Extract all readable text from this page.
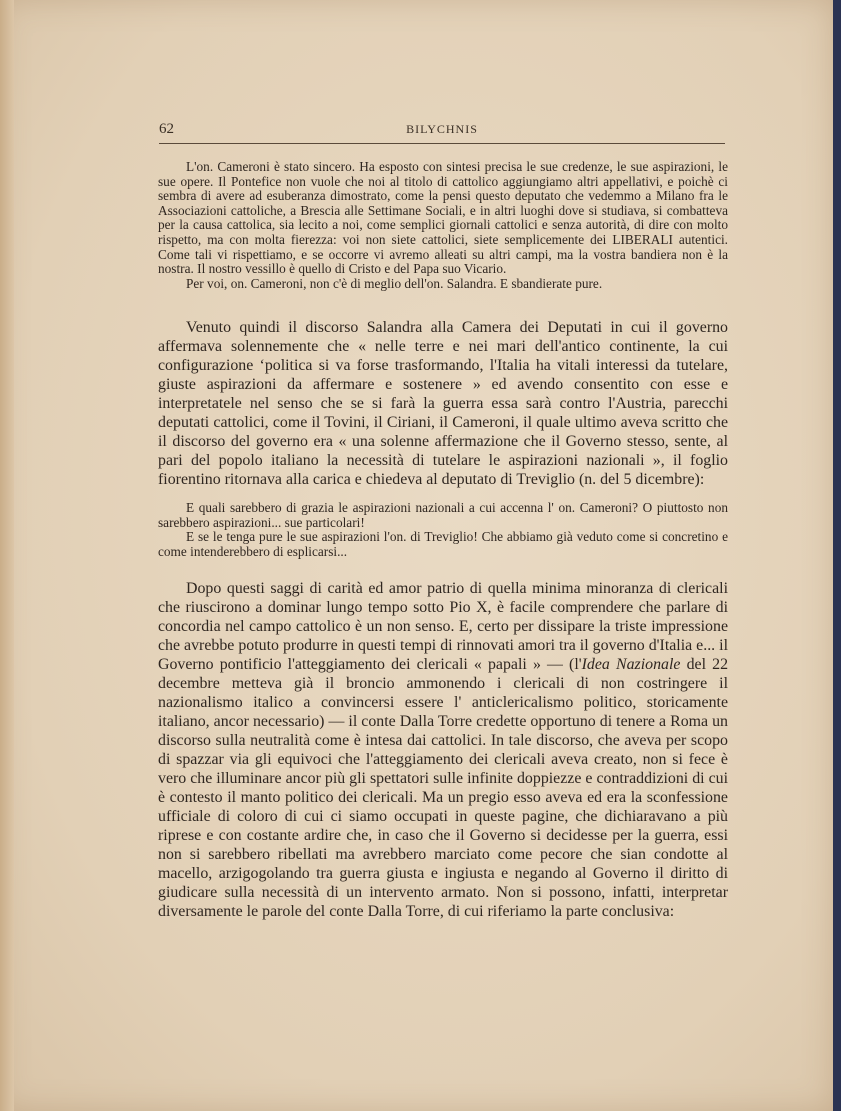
62	BILYCHNIS

L'on. Cameroni è stato sincero. Ha esposto con sintesi precisa le sue credenze, le sue aspirazioni, le sue opere. Il Pontefice non vuole che noi al titolo di cattolico aggiungiamo altri appellativi, e poichè ci sembra di avere ad esuberanza dimostrato, come la pensi questo deputato che vedemmo a Milano fra le Associazioni cattoliche, a Brescia alle Settimane Sociali, e in altri luoghi dove si studiava, si combatteva per la causa cattolica, sia lecito a noi, come semplici giornali cattolici e senza autorità, di dire con molto rispetto, ma con molta fierezza: voi non siete cattolici, siete semplicemente dei LIBERALI autentici. Come tali vi rispettiamo, e se occorre vi avremo alleati su altri campi, ma la vostra bandiera non è la nostra. Il nostro vessillo è quello di Cristo e del Papa suo Vicario.

Per voi, on. Cameroni, non c'è di meglio dell'on. Salandra. E sbandierate pure.

Venuto quindi il discorso Salandra alla Camera dei Deputati in cui il governo affermava solennemente che « nelle terre e nei mari dell'antico continente, la cui configurazione ʻpolitica si va forse trasformando, l'Italia ha vitali interessi da tutelare, giuste aspirazioni da affermare e sostenere » ed avendo consentito con esse e interpretatele nel senso che se si farà la guerra essa sarà contro l'Austria, parecchi deputati cattolici, come il Tovini, il Ciriani, il Cameroni, il quale ultimo aveva scritto che il discorso del governo era « una solenne affermazione che il Governo stesso, sente, al pari del popolo italiano la necessità di tutelare le aspirazioni nazionali », il foglio fiorentino ritornava alla carica e chiedeva al deputato di Treviglio (n. del 5 dicembre):

E quali sarebbero di grazia le aspirazioni nazionali a cui accenna l' on. Cameroni? O piuttosto non sarebbero aspirazioni... sue particolari!

E se le tenga pure le sue aspirazioni l'on. di Treviglio! Che abbiamo già veduto come si concretino e come intenderebbero di esplicarsi...

Dopo questi saggi di carità ed amor patrio di quella minima minoranza di clericali che riuscirono a dominar lungo tempo sotto Pio X, è facile comprendere che parlare di concordia nel campo cattolico è un non senso. E, certo per dissipare la triste impressione che avrebbe potuto produrre in questi tempi di rinnovati amori tra il governo d'Italia e... il Governo pontificio l'atteggiamento dei clericali « papali » — (l'Idea Nazionale del 22 decembre metteva già il broncio ammonendo i clericali di non costringere il nazionalismo italico a convincersi essere l' anticlericalismo politico, storicamente italiano, ancor necessario) — il conte Dalla Torre credette opportuno di tenere a Roma un discorso sulla neutralità come è intesa dai cattolici. In tale discorso, che aveva per scopo di spazzar via gli equivoci che l'atteggiamento dei clericali aveva creato, non si fece è vero che illuminare ancor più gli spettatori sulle infinite doppiezze e contraddizioni di cui è contesto il manto politico dei clericali. Ma un pregio esso aveva ed era la sconfessione ufficiale di coloro di cui ci siamo occupati in queste pagine, che dichiaravano a più riprese e con costante ardire che, in caso che il Governo si decidesse per la guerra, essi non si sarebbero ribellati ma avrebbero marciato come pecore che sian condotte al macello, arzigogolando tra guerra giusta e ingiusta e negando al Governo il diritto di giudicare sulla necessità di un intervento armato. Non si possono, infatti, interpretar diversamente le parole del conte Dalla Torre, di cui riferiamo la parte conclusiva:
